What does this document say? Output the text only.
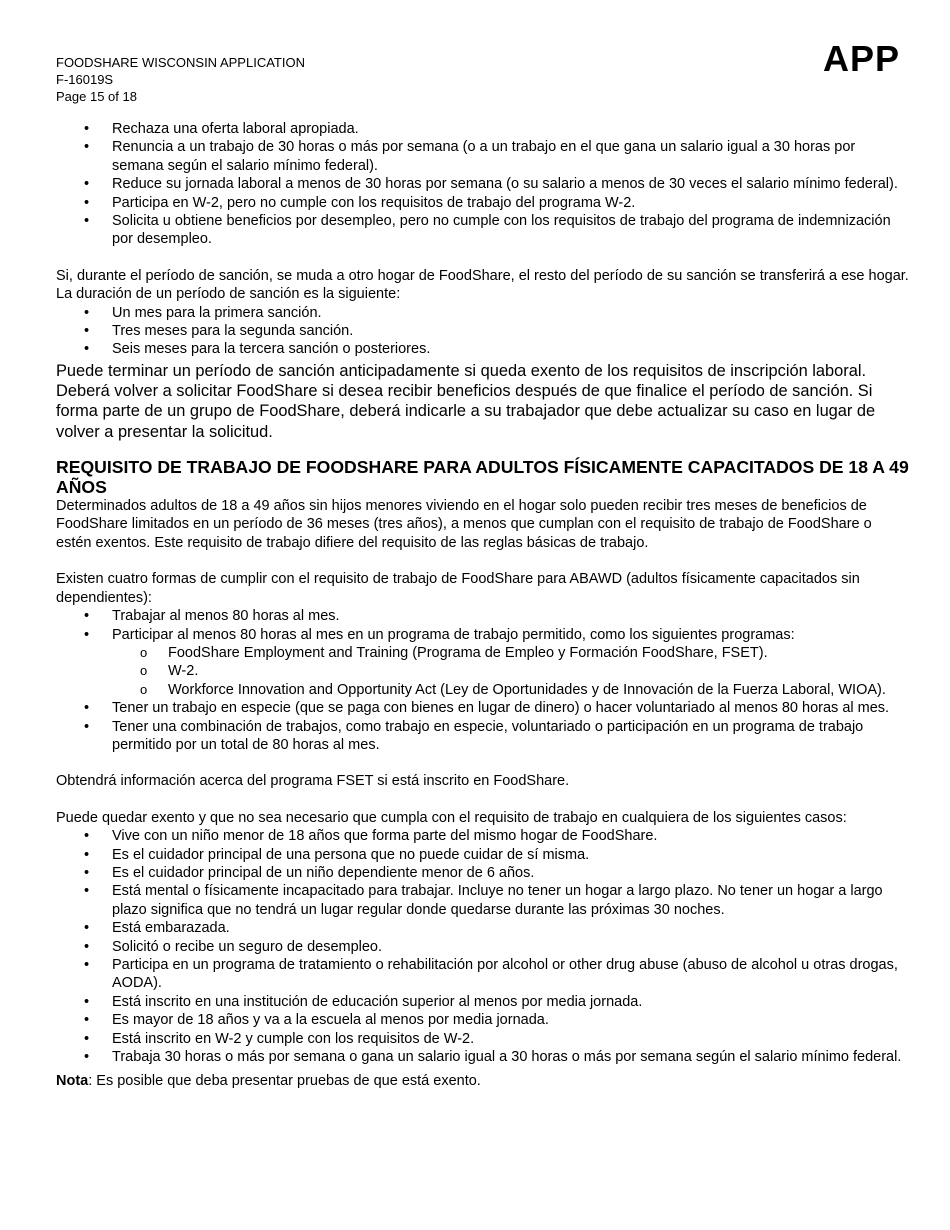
FOODSHARE WISCONSIN APPLICATION
F-16019S
Page 15 of 18
APP
• Rechaza una oferta laboral apropiada.
• Renuncia a un trabajo de 30 horas o más por semana (o a un trabajo en el que gana un salario igual a 30 horas por semana según el salario mínimo federal).
• Reduce su jornada laboral a menos de 30 horas por semana (o su salario a menos de 30 veces el salario mínimo federal).
• Participa en W-2, pero no cumple con los requisitos de trabajo del programa W-2.
• Solicita u obtiene beneficios por desempleo, pero no cumple con los requisitos de trabajo del programa de indemnización por desempleo.

Si, durante el período de sanción, se muda a otro hogar de FoodShare, el resto del período de su sanción se transferirá a ese hogar. La duración de un período de sanción es la siguiente:

• Un mes para la primera sanción.
• Tres meses para la segunda sanción.
• Seis meses para la tercera sanción o posteriores.

Puede terminar un período de sanción anticipadamente si queda exento de los requisitos de inscripción laboral. Deberá volver a solicitar FoodShare si desea recibir beneficios después de que finalice el período de sanción. Si forma parte de un grupo de FoodShare, deberá indicarle a su trabajador que debe actualizar su caso en lugar de volver a presentar la solicitud.

REQUISITO DE TRABAJO DE FOODSHARE PARA ADULTOS FÍSICAMENTE CAPACITADOS DE 18 A 49 AÑOS

Determinados adultos de 18 a 49 años sin hijos menores viviendo en el hogar solo pueden recibir tres meses de beneficios de FoodShare limitados en un período de 36 meses (tres años), a menos que cumplan con el requisito de trabajo de FoodShare o estén exentos. Este requisito de trabajo difiere del requisito de las reglas básicas de trabajo.

Existen cuatro formas de cumplir con el requisito de trabajo de FoodShare para ABAWD (adultos físicamente capacitados sin dependientes):

• Trabajar al menos 80 horas al mes.
• Participar al menos 80 horas al mes en un programa de trabajo permitido, como los siguientes programas:
o FoodShare Employment and Training (Programa de Empleo y Formación FoodShare, FSET).
o W-2.
o Workforce Innovation and Opportunity Act (Ley de Oportunidades y de Innovación de la Fuerza Laboral, WIOA).
• Tener un trabajo en especie (que se paga con bienes en lugar de dinero) o hacer voluntariado al menos 80 horas al mes.
• Tener una combinación de trabajos, como trabajo en especie, voluntariado o participación en un programa de trabajo permitido por un total de 80 horas al mes.

Obtendrá información acerca del programa FSET si está inscrito en FoodShare.

Puede quedar exento y que no sea necesario que cumpla con el requisito de trabajo en cualquiera de los siguientes casos:

• Vive con un niño menor de 18 años que forma parte del mismo hogar de FoodShare.
• Es el cuidador principal de una persona que no puede cuidar de sí misma.
• Es el cuidador principal de un niño dependiente menor de 6 años.
• Está mental o físicamente incapacitado para trabajar. Incluye no tener un hogar a largo plazo. No tener un hogar a largo plazo significa que no tendrá un lugar regular donde quedarse durante las próximas 30 noches.
• Está embarazada.
• Solicitó o recibe un seguro de desempleo.
• Participa en un programa de tratamiento o rehabilitación por alcohol or other drug abuse (abuso de alcohol u otras drogas, AODA).
• Está inscrito en una institución de educación superior al menos por media jornada.
• Es mayor de 18 años y va a la escuela al menos por media jornada.
• Está inscrito en W-2 y cumple con los requisitos de W-2.
• Trabaja 30 horas o más por semana o gana un salario igual a 30 horas o más por semana según el salario mínimo federal.

Nota: Es posible que deba presentar pruebas de que está exento.
